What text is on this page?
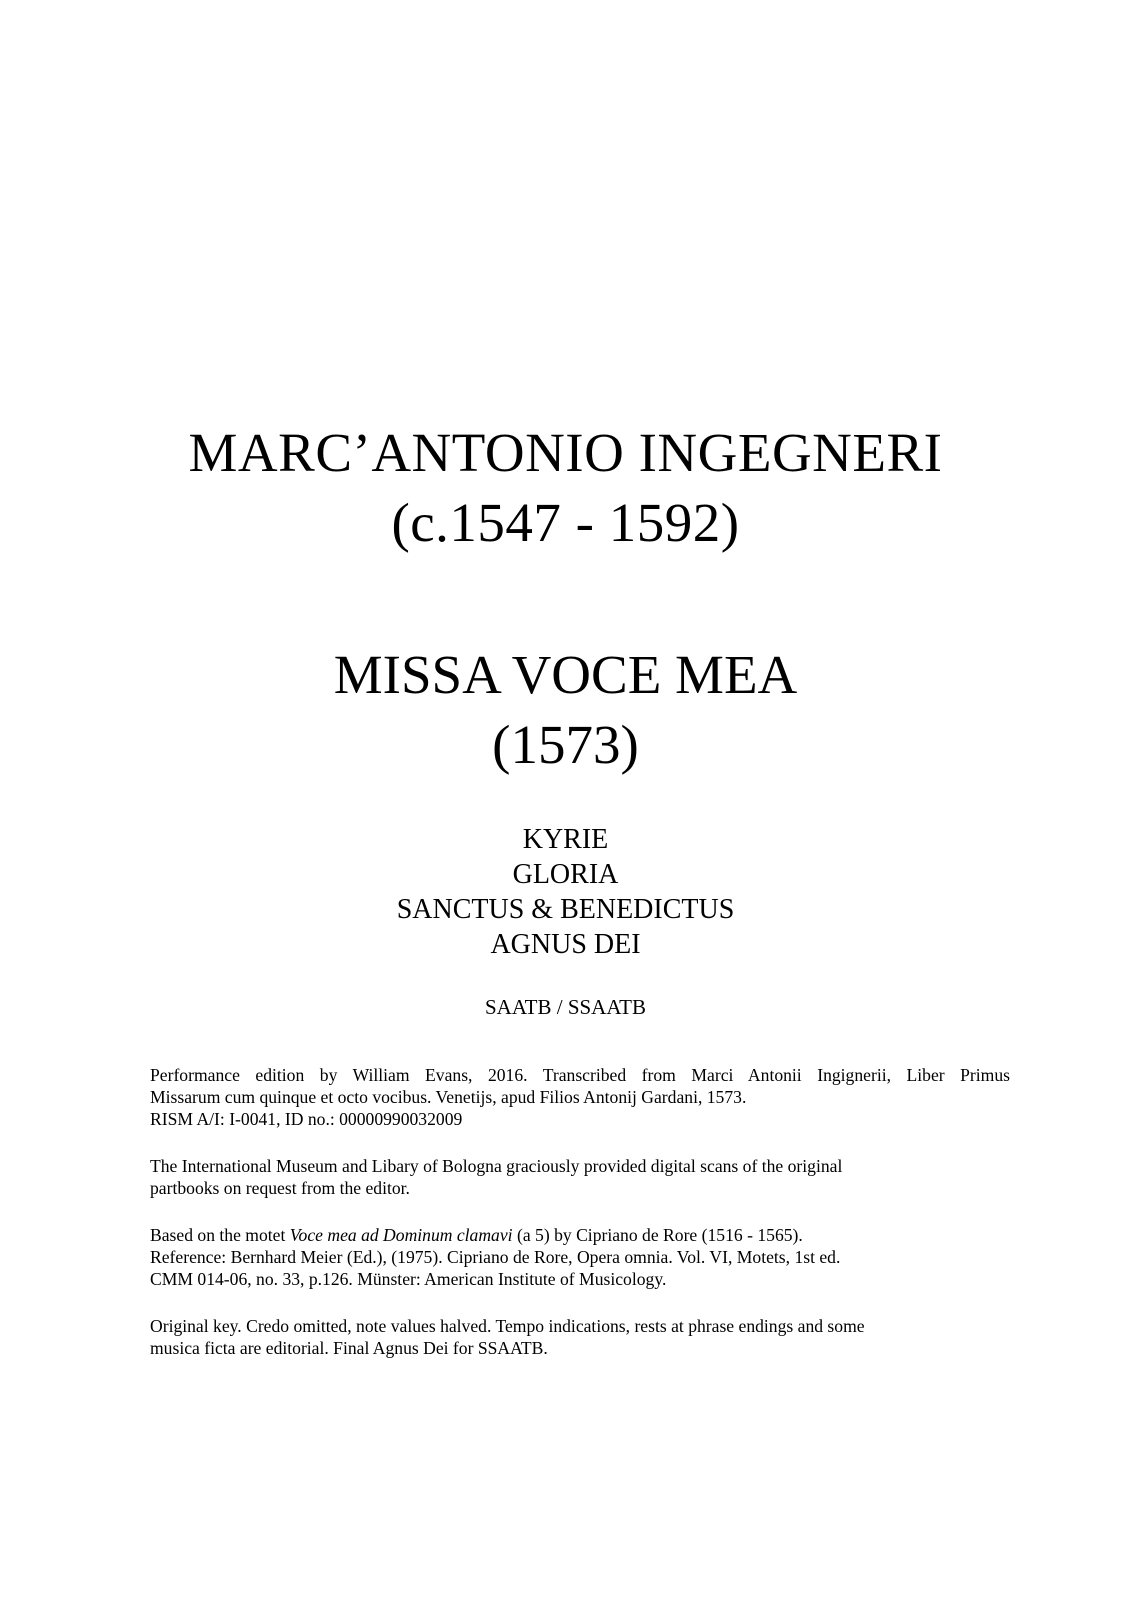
MARC’ANTONIO INGEGNERI
(c.1547 - 1592)
MISSA VOCE MEA
(1573)
KYRIE
GLORIA
SANCTUS & BENEDICTUS
AGNUS DEI
SAATB / SSAATB

Performance edition by William Evans, 2016. Transcribed from Marci Antonii Ingignerii, Liber Primus
Missarum cum quinque et octo vocibus. Venetijs, apud Filios Antonij Gardani, 1573.
RISM A/I: I-0041, ID no.: 00000990032009

The International Museum and Libary of Bologna graciously provided digital scans of the original
partbooks on request from the editor.

Based on the motet Voce mea ad Dominum clamavi (a 5) by Cipriano de Rore (1516 - 1565).
Reference: Bernhard Meier (Ed.), (1975). Cipriano de Rore, Opera omnia. Vol. VI, Motets, 1st ed.
CMM 014-06, no. 33, p.126. Münster: American Institute of Musicology.

Original key. Credo omitted, note values halved. Tempo indications, rests at phrase endings and some
musica ficta are editorial. Final Agnus Dei for SSAATB.
